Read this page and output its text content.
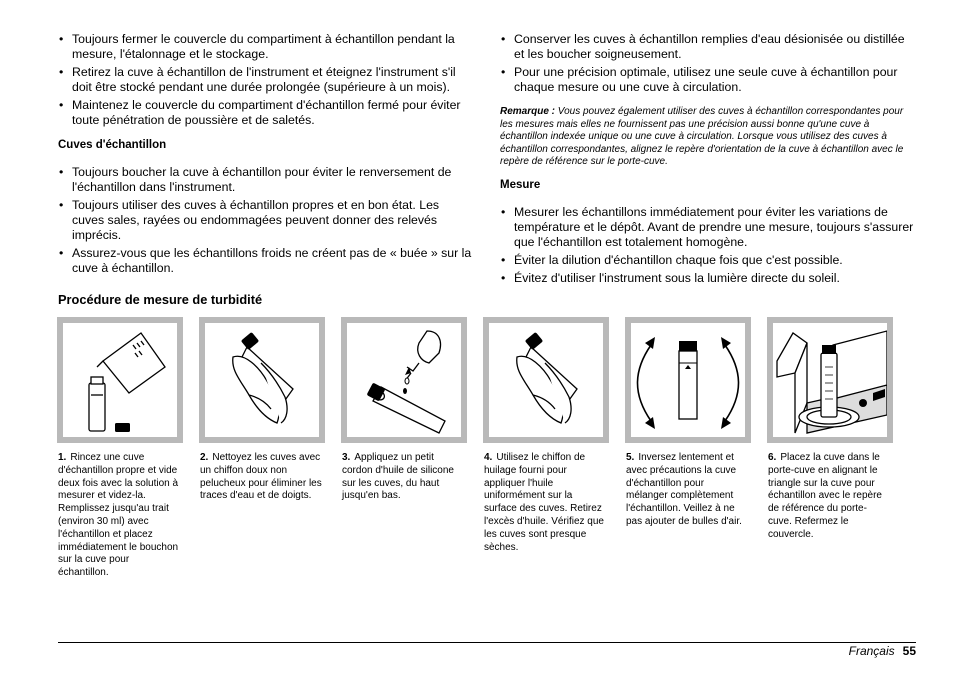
• Toujours fermer le couvercle du compartiment à échantillon pendant la mesure, l'étalonnage et le stockage.
• Retirez la cuve à échantillon de l'instrument et éteignez l'instrument s'il doit être stocké pendant une durée prolongée (supérieure à un mois).
• Maintenez le couvercle du compartiment d'échantillon fermé pour éviter toute pénétration de poussière et de saletés.
Cuves d'échantillon
• Toujours boucher la cuve à échantillon pour éviter le renversement de l'échantillon dans l'instrument.
• Toujours utiliser des cuves à échantillon propres et en bon état. Les cuves sales, rayées ou endommagées peuvent donner des relevés imprécis.
• Assurez-vous que les échantillons froids ne créent pas de « buée » sur la cuve à échantillon.
• Conserver les cuves à échantillon remplies d'eau désionisée ou distillée et les boucher soigneusement.
• Pour une précision optimale, utilisez une seule cuve à échantillon pour chaque mesure ou une cuve à circulation.
Remarque : Vous pouvez également utiliser des cuves à échantillon correspondantes pour les mesures mais elles ne fournissent pas une précision aussi bonne qu'une cuve à échantillon indexée unique ou une cuve à circulation. Lorsque vous utilisez des cuves à échantillon correspondantes, alignez le repère d'orientation de la cuve à échantillon avec le repère de référence sur le porte-cuve.
Mesure
• Mesurer les échantillons immédiatement pour éviter les variations de température et le dépôt. Avant de prendre une mesure, toujours s'assurer que l'échantillon est totalement homogène.
• Éviter la dilution d'échantillon chaque fois que c'est possible.
• Évitez d'utiliser l'instrument sous la lumière directe du soleil.
Procédure de mesure de turbidité
1. Rincez une cuve d'échantillon propre et vide deux fois avec la solution à mesurer et videz-la. Remplissez jusqu'au trait (environ 30 ml) avec l'échantillon et placez immédiatement le bouchon sur la cuve pour échantillon.
2. Nettoyez les cuves avec un chiffon doux non pelucheux pour éliminer les traces d'eau et de doigts.
3. Appliquez un petit cordon d'huile de silicone sur les cuves, du haut jusqu'en bas.
4. Utilisez le chiffon de huilage fourni pour appliquer l'huile uniformément sur la surface des cuves. Retirez l'excès d'huile. Vérifiez que les cuves sont presque sèches.
5. Inversez lentement et avec précautions la cuve d'échantillon pour mélanger complètement l'échantillon. Veillez à ne pas ajouter de bulles d'air.
6. Placez la cuve dans le porte-cuve en alignant le triangle sur la cuve pour échantillon avec le repère de référence du porte-cuve. Refermez le couvercle.
Français 55
